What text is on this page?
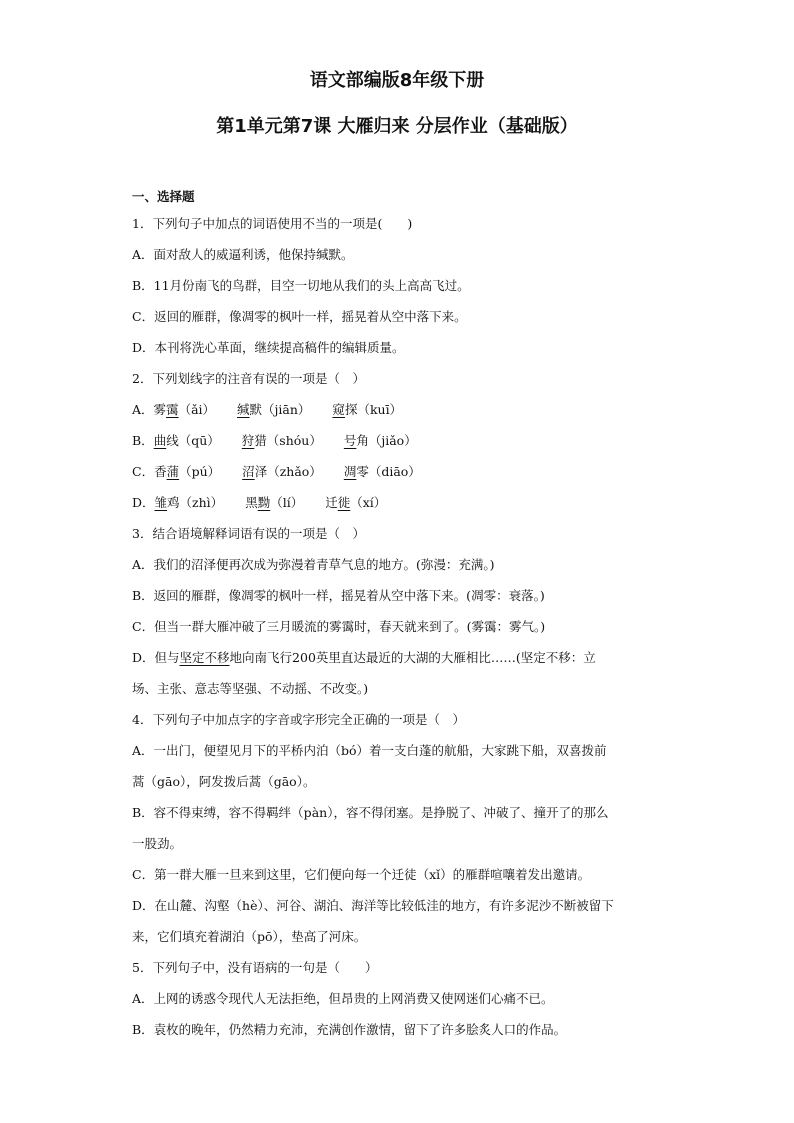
语文部编版8年级下册
第1单元第7课 大雁归来 分层作业（基础版）
一、选择题
1．下列句子中加点的词语使用不当的一项是(　　)
A．面对敌人的威逼利诱，他保持缄默。
B．11月份南飞的鸟群，目空一切地从我们的头上高高飞过。
C．返回的雁群，像凋零的枫叶一样，摇晃着从空中落下来。
D．本刊将洗心革面，继续提高稿件的编辑质量。
2．下列划线字的注音有误的一项是（　）
A．雾霭（ǎi） 缄默（jiān） 窥探（kuī）
B．曲线（qū） 狩猎（shóu） 号角（jiǎo）
C．香蒲（pú） 沼泽（zhǎo） 凋零（diāo）
D．雏鸡（zhì） 黑黝（lí） 迁徙（xí）
3．结合语境解释词语有误的一项是（　）
A．我们的沼泽便再次成为弥漫着青草气息的地方。(弥漫：充满。)
B．返回的雁群，像凋零的枫叶一样，摇晃着从空中落下来。(凋零：衰落。)
C．但当一群大雁冲破了三月暖流的雾霭时，春天就来到了。(雾霭：雾气。)
D．但与坚定不移地向南飞行200英里直达最近的大湖的大雁相比……(坚定不移：立
场、主张、意志等坚强、不动摇、不改变。)
4．下列句子中加点字的字音或字形完全正确的一项是（　）
A．一出门，便望见月下的平桥内泊（bó）着一支白蓬的航船，大家跳下船，双喜拨前
蒿（gāo），阿发拨后蒿（gāo）。
B．容不得束缚，容不得羁绊（pàn），容不得闭塞。是挣脱了、冲破了、撞开了的那么
一股劲。
C．第一群大雁一旦来到这里，它们便向每一个迁徒（xǐ）的雁群喧嚷着发出邀请。
D．在山麓、沟壑（hè）、河谷、湖泊、海洋等比较低洼的地方，有许多泥沙不断被留下
来，它们填充着湖泊（pō），垫高了河床。
5．下列句子中，没有语病的一句是（　　）
A．上网的诱惑令现代人无法拒绝，但昂贵的上网消费又使网迷们心痛不已。
B．袁枚的晚年，仍然精力充沛，充满创作激情，留下了许多脍炙人口的作品。
